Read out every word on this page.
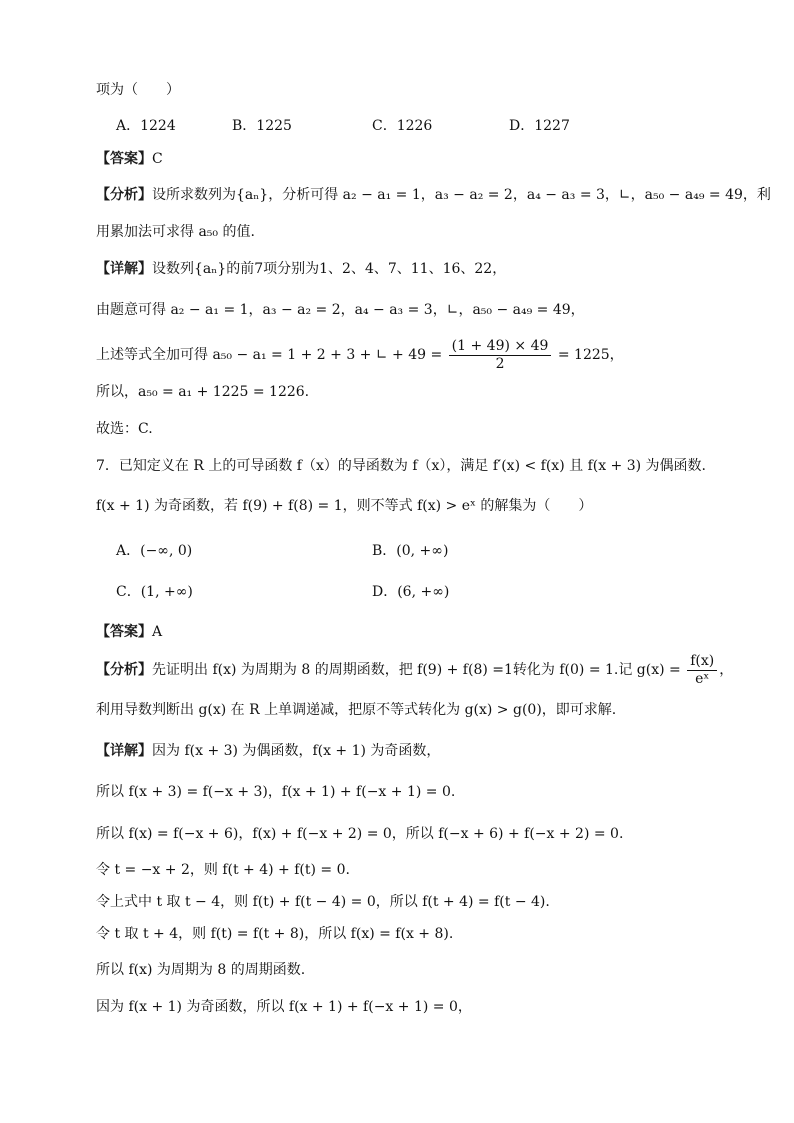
项为（　　）
A．1224	B．1225	C．1226	D．1227
【答案】C
【分析】设所求数列为{aₙ}，分析可得 a₂ − a₁ = 1，a₃ − a₂ = 2，a₄ − a₃ = 3，∟，a₅₀ − a₄₉ = 49，利
用累加法可求得 a₅₀ 的值.
【详解】设数列{aₙ}的前7项分别为1、2、4、7、11、16、22，
由题意可得 a₂ − a₁ = 1，a₃ − a₂ = 2，a₄ − a₃ = 3，∟，a₅₀ − a₄₉ = 49，
上述等式全加可得 a₅₀ − a₁ = 1 + 2 + 3 + ∟ + $49 = \frac{(1 + 49) \times 49}{2} = 1225$，
所以，a₅₀ = a₁ + 1225 = 1226.
故选：C.
7．已知定义在 R 上的可导函数 f（x）的导函数为 f（x），满足 f′(x) < f(x) 且 f(x + 3) 为偶函数.
f(x + 1) 为奇函数，若 f(9) + f(8) = 1，则不等式 f(x) > eˣ 的解集为（　　）
A．(−∞, 0)	B．(0, +∞)
C．(1, +∞)	D．(6, +∞)
【答案】A
【分析】先证明出 f(x) 为周期为 8 的周期函数，把 f(9) + f(8) =1转化为 f(0) = 1.记 $g(x) = \frac{f(x)}{\text{eˣ}}$ ，
利用导数判断出 g(x) 在 R 上单调递减，把原不等式转化为 g(x) > g(0)，即可求解.
【详解】因为 f(x + 3) 为偶函数，f(x + 1) 为奇函数，
所以 f(x + 3) = f(−x + 3)，f(x + 1) + f(−x + 1) = 0.
所以 f(x) = f(−x + 6)，f(x) + f(−x + 2) = 0，所以 f(−x + 6) + f(−x + 2) = 0.
令 t = −x + 2，则 f(t + 4) + f(t) = 0.
令上式中 t 取 t − 4，则 f(t) + f(t − 4) = 0，所以 f(t + 4) = f(t − 4).
令 t 取 t + 4，则 f(t) = f(t + 8)，所以 f(x) = f(x + 8).
所以 f(x) 为周期为 8 的周期函数.
因为 f(x + 1) 为奇函数，所以 f(x + 1) + f(−x + 1) = 0，
